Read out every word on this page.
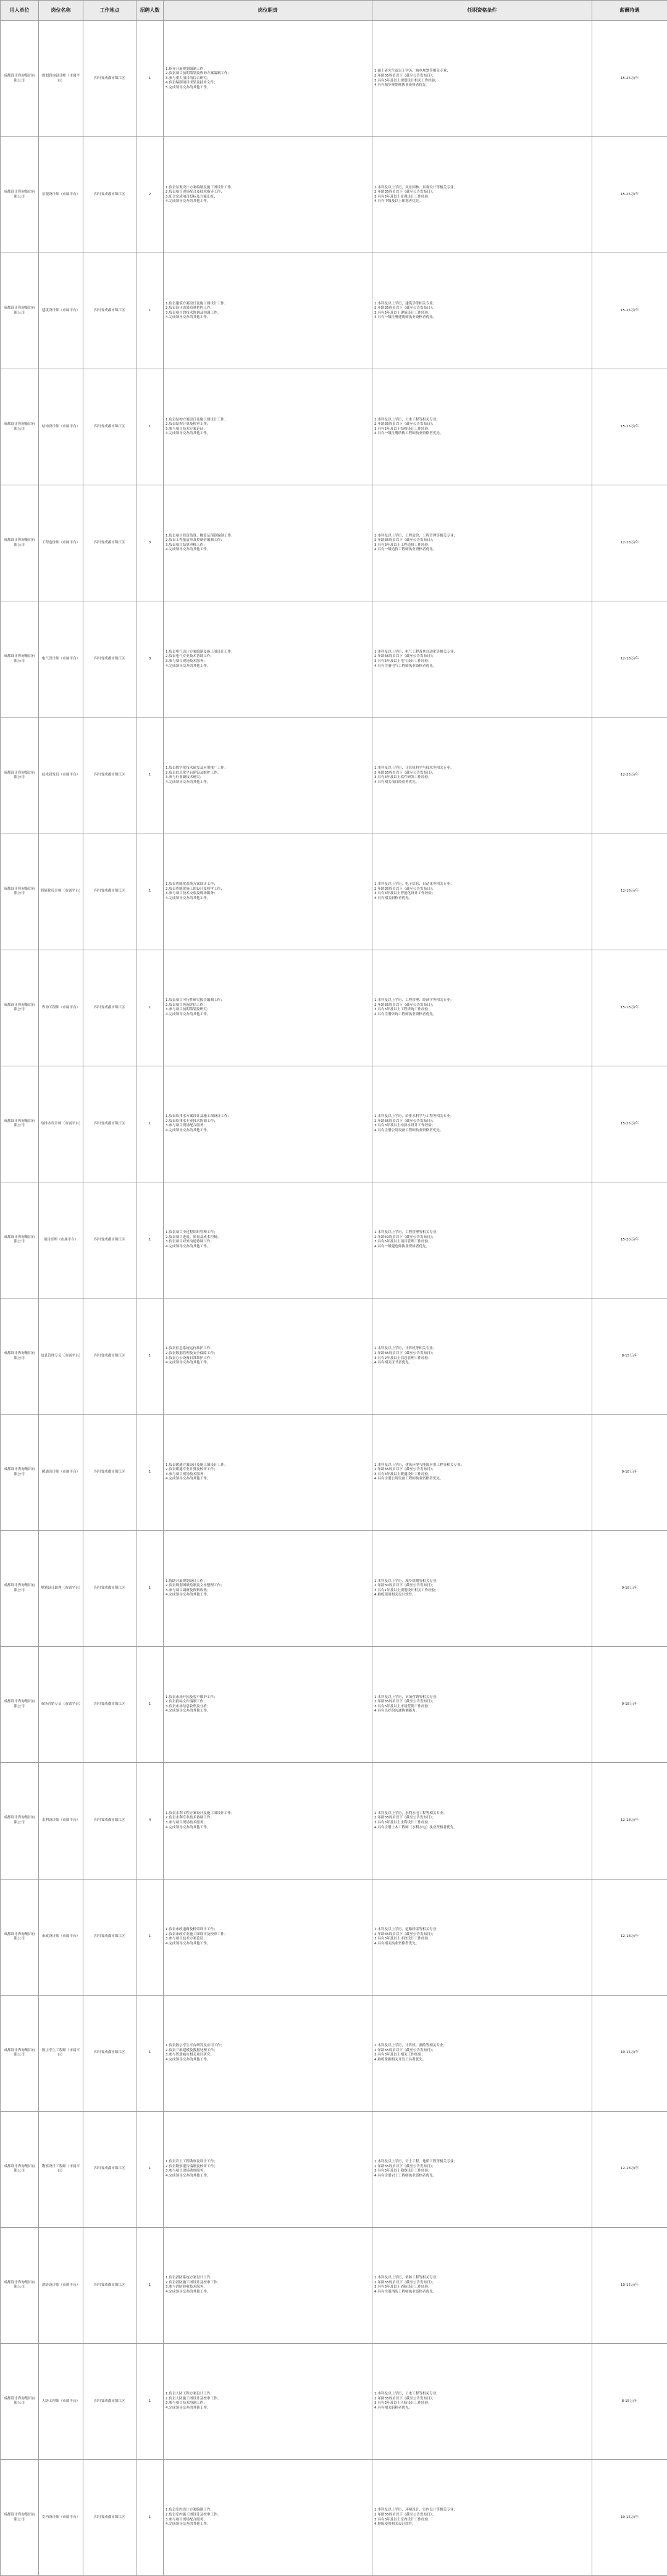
用人单位	岗位名称	工作地点	招聘人数	岗位职责	任职资格条件	薪酬待遇
成都设计咨询集团有限公司	规划咨询设计师（市属平台）	四川省成都市锦江区	1	1.指导开展规划编制工作；
2.负责项目前期策划及咨询方案编制工作；
3.参与重大项目的综合研究；
4.负责编制项目成果及技术文件；
5.完成领导交办的其他工作。	1.硕士研究生及以上学历，城乡规划等相关专业；
2.年龄35周岁以下（截至公告发布日）；
3.具有5年及以上规划设计相关工作经验；
4.具有城乡规划师执业资格者优先。	15-25万/年
成都设计咨询集团有限公司	景观设计师（市属平台）	四川省成都市锦江区	2	1.负责景观设计方案编制及施工图设计工作；
2.负责项目现场配合及技术指导工作；
3.配合完成项目投标及方案汇报；
4.完成领导交办的其他工作。	1.本科及以上学历，风景园林、景观设计等相关专业；
2.年龄35周岁以下（截至公告发布日）；
3.具有5年及以上景观设计工作经验；
4.具有中级及以上职称者优先。	15-25万/年
成都设计咨询集团有限公司	建筑设计师（市属平台）	四川省成都市锦江区	1	1.负责建筑方案设计及施工图设计工作；
2.负责设计成果质量把控工作；
3.负责项目的技术协调及沟通工作；
4.完成领导交办的其他工作。	1.本科及以上学历，建筑学等相关专业；
2.年龄35周岁以下（截至公告发布日）；
3.具有5年及以上建筑设计工作经验；
4.具有一级注册建筑师执业资格者优先。	15-25万/年
成都设计咨询集团有限公司	结构设计师（市属平台）	四川省成都市锦江区	1	1.负责结构方案设计及施工图设计工作；
2.负责结构计算及校审工作；
3.参与项目技术方案论证；
4.完成领导交办的其他工作。	1.本科及以上学历，土木工程等相关专业；
2.年龄35周岁以下（截至公告发布日）；
3.具有5年及以上结构设计工作经验；
4.具有一级注册结构工程师执业资格者优先。	15-25万/年
成都设计咨询集团有限公司	工程造价师（市属平台）	四川省成都市锦江区	3	1.负责项目投资估算、概算及预算编制工作；
2.负责工程量清单及控制价编制工作；
3.负责项目结算审核工作；
4.完成领导交办的其他工作。	1.本科及以上学历，工程造价、工程管理等相关专业；
2.年龄35周岁以下（截至公告发布日）；
3.具有3年及以上工程造价工作经验；
4.具有一级造价工程师执业资格者优先。	12-18万/年
成都设计咨询集团有限公司	电气设计师（市属平台）	四川省成都市锦江区	3	1.负责电气设计方案编制及施工图设计工作；
2.负责电气专业技术协调工作；
3.参与项目现场技术服务；
4.完成领导交办的其他工作。	1.本科及以上学历，电气工程及其自动化等相关专业；
2.年龄35周岁以下（截至公告发布日）；
3.具有3年及以上电气设计工作经验；
4.具有注册电气工程师执业资格者优先。	12-18万/年
成都设计咨询集团有限公司	技术研发员（市属平台）	四川省成都市锦江区	1	1.负责数字化技术研发及应用推广工作；
2.负责信息化平台建设及维护工作；
3.参与行业新技术研究；
4.完成领导交办的其他工作。	1.本科及以上学历，计算机科学与技术等相关专业；
2.年龄35周岁以下（截至公告发布日）；
3.具有3年及以上软件研发工作经验；
4.具有相关项目经验者优先。	12-25万/年
成都设计咨询集团有限公司	智能化设计师（市属平台）	四川省成都市锦江区	1	1.负责智能化系统方案设计工作；
2.负责智能化施工图设计及校审工作；
3.参与项目技术交底及现场服务；
4.完成领导交办的其他工作。	1.本科及以上学历，电子信息、自动化等相关专业；
2.年龄35周岁以下（截至公告发布日）；
3.具有3年及以上智能化设计工作经验；
4.具有相关职称者优先。	12-18万/年
成都设计咨询集团有限公司	咨询工程师（市属平台）	四川省成都市锦江区	1	1.负责项目可行性研究报告编制工作；
2.负责项目咨询评估工作；
3.参与项目前期策划及研究；
4.完成领导交办的其他工作。	1.本科及以上学历，工程管理、经济学等相关专业；
2.年龄35周岁以下（截至公告发布日）；
3.具有3年及以上工程咨询工作经验；
4.具有注册咨询工程师执业资格者优先。	15-18万/年
成都设计咨询集团有限公司	给排水设计师（市属平台）	四川省成都市锦江区	1	1.负责给排水方案设计及施工图设计工作；
2.负责给排水专业技术协调工作；
3.参与项目现场配合服务；
4.完成领导交办的其他工作。	1.本科及以上学历，给排水科学与工程等相关专业；
2.年龄35周岁以下（截至公告发布日）；
3.具有3年及以上给排水设计工作经验；
4.具有注册公用设备工程师执业资格者优先。	15-25万/年
成都设计咨询集团有限公司	项目经理（市属平台）	四川省成都市锦江区	1	1.负责项目全过程组织管理工作；
2.负责项目进度、质量及成本控制；
3.负责项目对外沟通协调工作；
4.完成领导交办的其他工作。	1.本科及以上学历，工程管理等相关专业；
2.年龄40周岁以下（截至公告发布日）；
3.具有5年及以上项目管理工作经验；
4.具有一级建造师执业资格者优先。	15-20万/年
成都设计咨询集团有限公司	信息管理专员（市属平台）	四川省成都市锦江区	1	1.负责信息系统运行维护工作；
2.负责数据管理及安全保障工作；
3.负责办公设备日常维护工作；
4.完成领导交办的其他工作。	1.本科及以上学历，计算机等相关专业；
2.年龄35周岁以下（截至公告发布日）；
3.具有2年及以上信息管理工作经验；
4.具有相关证书者优先。	8-15万/年
成都设计咨询集团有限公司	暖通设计师（市属平台）	四川省成都市锦江区	1	1.负责暖通方案设计及施工图设计工作；
2.负责暖通专业计算及校审工作；
3.参与项目现场技术服务；
4.完成领导交办的其他工作。	1.本科及以上学历，建筑环境与能源应用工程等相关专业；
2.年龄35周岁以下（截至公告发布日）；
3.具有3年及以上暖通设计工作经验；
4.具有注册公用设备工程师执业资格者优先。	9-18万/年
成都设计咨询集团有限公司	规划设计助理（市属平台）	四川省成都市锦江区	1	1.协助开展规划设计工作；
2.负责规划图纸绘制及文本整理工作；
3.参与项目调研及资料收集；
4.完成领导交办的其他工作。	1.本科及以上学历，城乡规划等相关专业；
2.年龄30周岁以下（截至公告发布日）；
3.具有1年及以上规划设计相关工作经验；
4.熟练使用相关设计软件。	9-18万/年
成都设计咨询集团有限公司	市场营销专员（市属平台）	四川省成都市锦江区	1	1.负责市场开拓及客户维护工作；
2.负责投标文件编制工作；
3.负责市场信息收集及分析；
4.完成领导交办的其他工作。	1.本科及以上学历，市场营销等相关专业；
2.年龄35周岁以下（截至公告发布日）；
3.具有3年及以上市场营销工作经验；
4.具有良好的沟通协调能力。	9-18万/年
成都设计咨询集团有限公司	水利设计师（市属平台）	四川省成都市锦江区	4	1.负责水利工程方案设计及施工图设计工作；
2.负责水利专业技术协调工作；
3.参与项目现场技术服务；
4.完成领导交办的其他工作。	1.本科及以上学历，水利水电工程等相关专业；
2.年龄35周岁以下（截至公告发布日）；
3.具有3年及以上水利设计工作经验；
4.具有注册土木工程师（水利水电）执业资格者优先。	12-18万/年
成都设计咨询集团有限公司	市政设计师（市属平台）	四川省成都市锦江区	1	1.负责市政道路及桥梁设计工作；
2.负责市政专业施工图设计及校审工作；
3.参与项目技术方案论证；
4.完成领导交办的其他工作。	1.本科及以上学历，道路桥梁等相关专业；
2.年龄35周岁以下（截至公告发布日）；
3.具有3年及以上市政设计工作经验；
4.具有相关执业资格者优先。	12-18万/年
成都设计咨询集团有限公司	数字孪生工程师（市属平台）	四川省成都市锦江区	1	1.负责数字孪生平台研发及应用工作；
2.负责三维建模及数据处理工作；
3.参与智慧城市相关项目研究；
4.完成领导交办的其他工作。	1.本科及以上学历，计算机、测绘等相关专业；
2.年龄35周岁以下（截至公告发布日）；
3.具有3年及以上相关工作经验；
4.熟练掌握相关开发工具者优先。	10-15万/年
成都设计咨询集团有限公司	勘察设计工程师（市属平台）	四川省成都市锦江区	1	1.负责岩土工程勘察及设计工作；
2.负责勘察报告编制及校审工作；
3.参与项目现场勘察服务；
4.完成领导交办的其他工作。	1.本科及以上学历，岩土工程、地质工程等相关专业；
2.年龄35周岁以下（截至公告发布日）；
3.具有3年及以上勘察设计工作经验；
4.具有注册岩土工程师执业资格者优先。	12-18万/年
成都设计咨询集团有限公司	消防设计师（市属平台）	四川省成都市锦江区	1	1.负责消防系统方案设计工作；
2.负责消防施工图设计及校审工作；
3.参与消防验收技术服务；
4.完成领导交办的其他工作。	1.本科及以上学历，消防工程等相关专业；
2.年龄35周岁以下（截至公告发布日）；
3.具有3年及以上消防设计工作经验；
4.具有注册消防工程师执业资格者优先。	10-15万/年
成都设计咨询集团有限公司	人防工程师（市属平台）	四川省成都市锦江区	1	1.负责人防工程方案设计工作；
2.负责人防施工图设计及校审工作；
3.参与项目技术协调工作；
4.完成领导交办的其他工作。	1.本科及以上学历，土木工程等相关专业；
2.年龄35周岁以下（截至公告发布日）；
3.具有3年及以上人防设计工作经验；
4.具有相关职称者优先。	8-15万/年
成都设计咨询集团有限公司	室内设计师（市属平台）	四川省成都市锦江区	1	1.负责室内设计方案编制工作；
2.负责室内施工图设计及校审工作；
3.参与项目现场配合服务；
4.完成领导交办的其他工作。	1.本科及以上学历，环境设计、室内设计等相关专业；
2.年龄35周岁以下（截至公告发布日）；
3.具有3年及以上室内设计工作经验；
4.熟练使用相关设计软件。	10-15万/年
